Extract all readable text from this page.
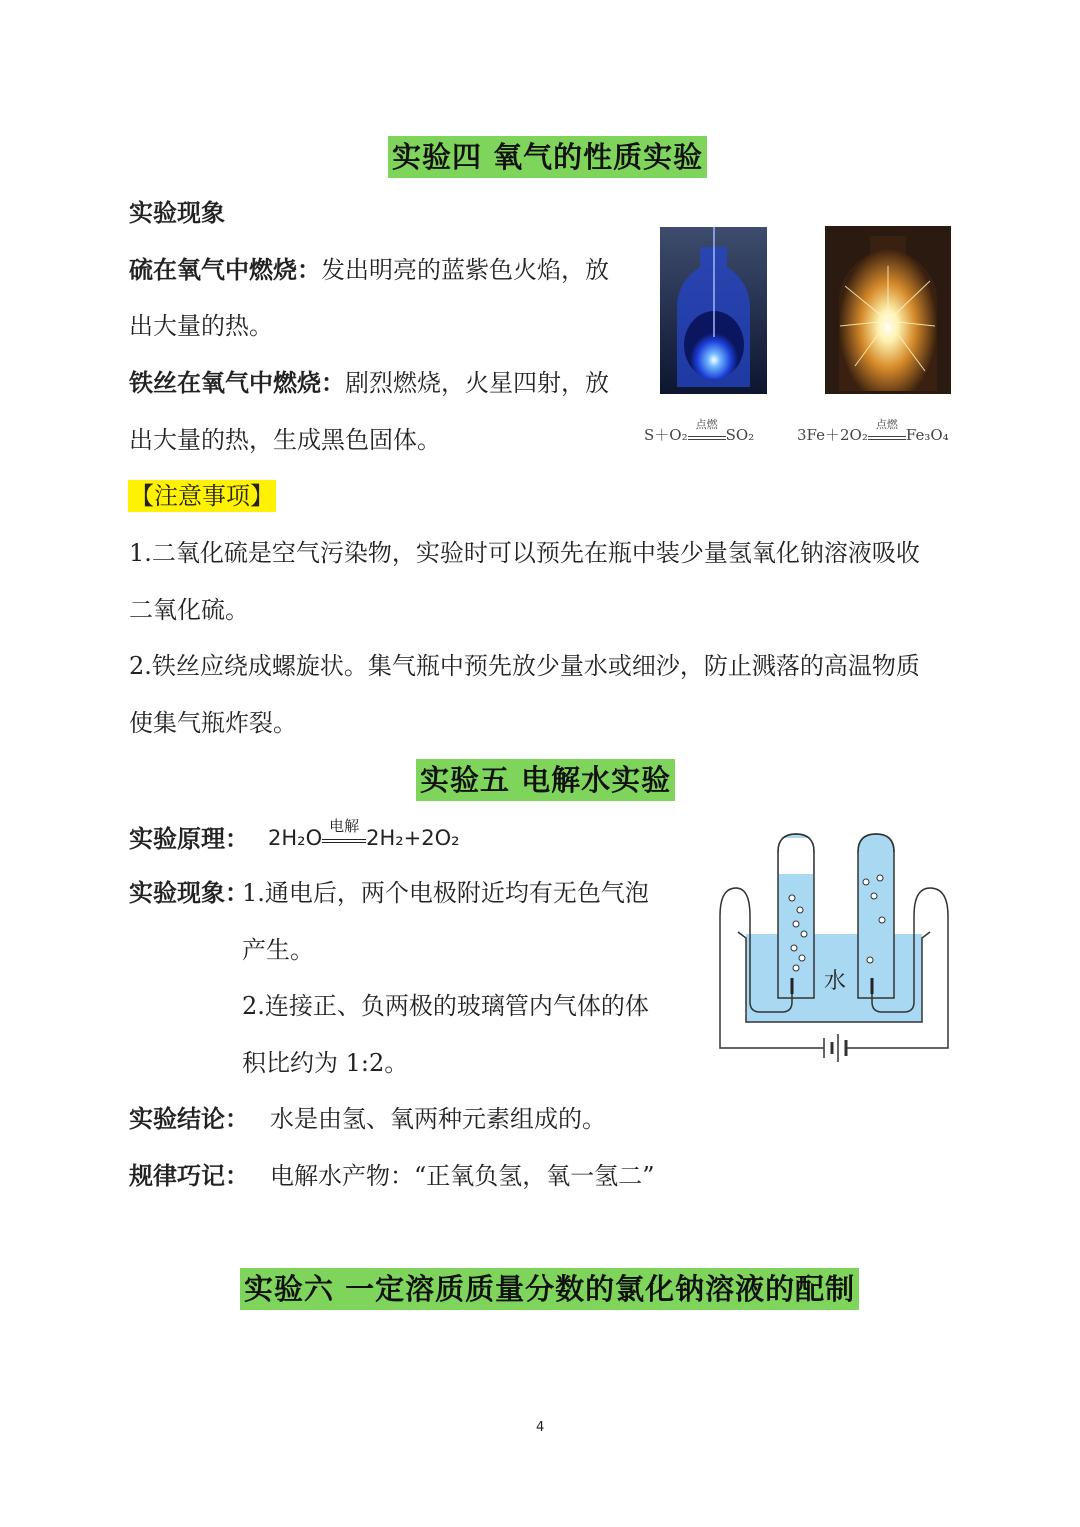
实验四 氧气的性质实验
实验现象
硫在氧气中燃烧：发出明亮的蓝紫色火焰，放
出大量的热。
铁丝在氧气中燃烧：剧烈燃烧，火星四射，放
出大量的热，生成黑色固体。	S＋O₂
点燃
SO₂	3Fe＋2O₂
点燃
Fe₃O₄
【注意事项】
1.二氧化硫是空气污染物，实验时可以预先在瓶中装少量氢氧化钠溶液吸收
二氧化硫。
2.铁丝应绕成螺旋状。集气瓶中预先放少量水或细沙，防止溅落的高温物质
使集气瓶炸裂。
实验五 电解水实验
实验原理： 2H₂O 电解 2H₂+2O₂
实验现象：
1.通电后，两个电极附近均有无色气泡
产生。
2.连接正、负两极的玻璃管内气体的体
积比约为 1:2。
水
实验结论： 水是由氢、氧两种元素组成的。
规律巧记： 电解水产物：“正氧负氢，氧一氢二”
实验六 一定溶质质量分数的氯化钠溶液的配制
4
